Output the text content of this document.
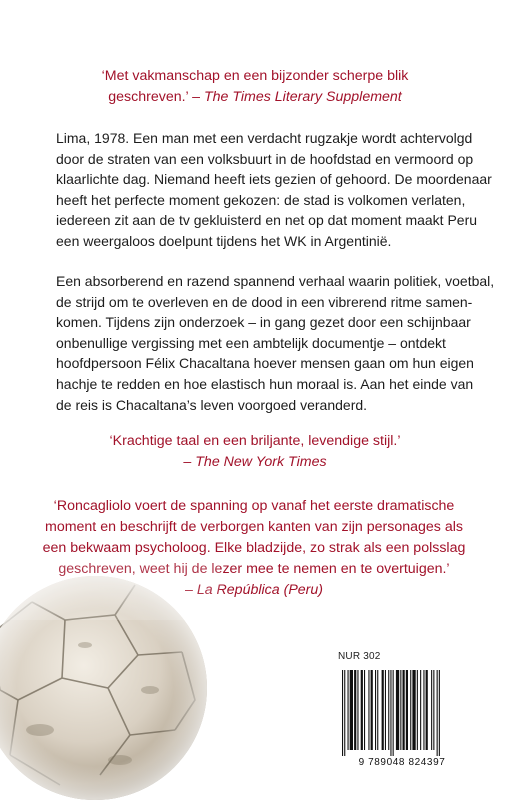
‘Met vakmanschap en een bijzonder scherpe blik
geschreven.’ – The Times Literary Supplement
Lima, 1978. Een man met een verdacht rugzakje wordt achtervolgd
door de straten van een volksbuurt in de hoofdstad en vermoord op
klaarlichte dag. Niemand heeft iets gezien of gehoord. De moordenaar
heeft het perfecte moment gekozen: de stad is volkomen verlaten,
iedereen zit aan de tv gekluisterd en net op dat moment maakt Peru
een weergaloos doelpunt tijdens het WK in Argentinië.
Een absorberend en razend spannend verhaal waarin politiek, voetbal,
de strijd om te overleven en de dood in een vibrerend ritme samen-
komen. Tijdens zijn onderzoek – in gang gezet door een schijnbaar
onbenullige vergissing met een ambtelijk documentje – ontdekt
hoofdpersoon Félix Chacaltana hoever mensen gaan om hun eigen
hachje te redden en hoe elastisch hun moraal is. Aan het einde van
de reis is Chacaltana’s leven voorgoed veranderd.
‘Krachtige taal en een briljante, levendige stijl.’
– The New York Times
‘Roncagliolo voert de spanning op vanaf het eerste dramatische
moment en beschrijft de verborgen kanten van zijn personages als
een bekwaam psycholoog. Elke bladzijde, zo strak als een polsslag
geschreven, weet hij de lezer mee te nemen en te overtuigen.’
– La República (Peru)
NUR 302
9 789048 824397
